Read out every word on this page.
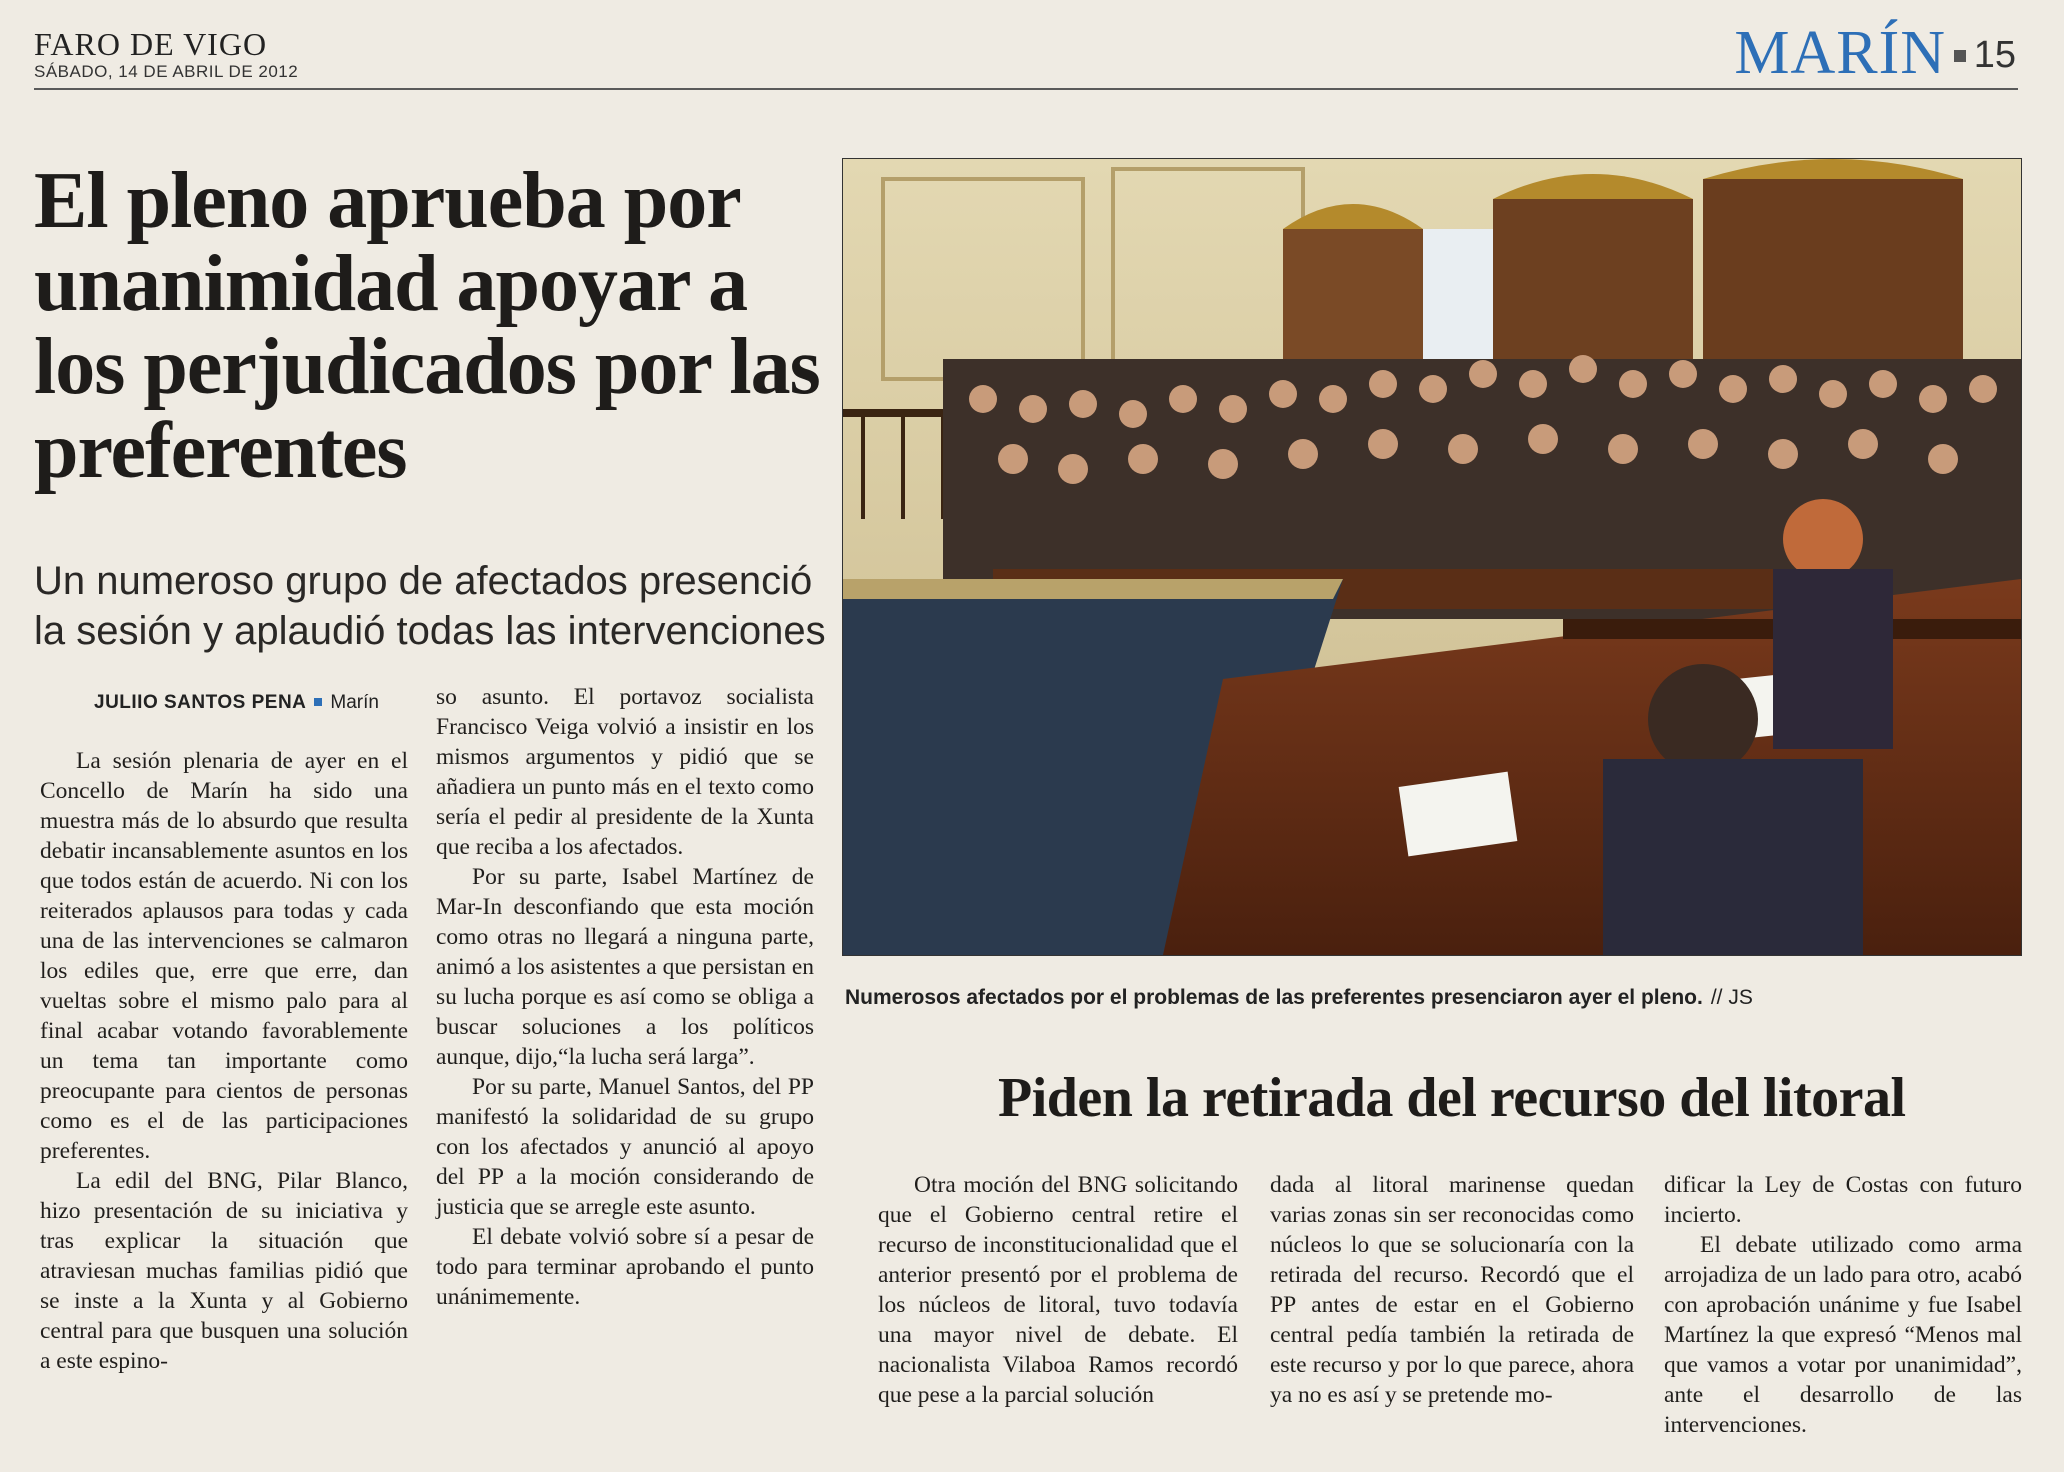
FARO DE VIGO
SÁBADO, 14 DE ABRIL DE 2012	MARÍN 15
El pleno aprueba por unanimidad apoyar a los perjudicados por las preferentes
Un numeroso grupo de afectados presenció la sesión y aplaudió todas las intervenciones
JULIIO SANTOS PENA Marín

La sesión plenaria de ayer en el Concello de Marín ha sido una muestra más de lo absurdo que resulta debatir incansablemente asuntos en los que todos están de acuerdo. Ni con los reiterados aplausos para todas y cada una de las intervenciones se calmaron los ediles que, erre que erre, dan vueltas sobre el mismo palo para al final acabar votando favorablemente un tema tan importante como preocupante para cientos de personas como es el de las participaciones preferentes.

La edil del BNG, Pilar Blanco, hizo presentación de su iniciativa y tras explicar la situación que atraviesan muchas familias pidió que se inste a la Xunta y al Gobierno central para que busquen una solución a este espino-

so asunto. El portavoz socialista Francisco Veiga volvió a insistir en los mismos argumentos y pidió que se añadiera un punto más en el texto como sería el pedir al presidente de la Xunta que reciba a los afectados.

Por su parte, Isabel Martínez de Mar-In desconfiando que esta moción como otras no llegará a ninguna parte, animó a los asistentes a que persistan en su lucha porque es así como se obliga a buscar soluciones a los políticos aunque, dijo,“la lucha será larga”.

Por su parte, Manuel Santos, del PP manifestó la solidaridad de su grupo con los afectados y anunció al apoyo del PP a la moción considerando de justicia que se arregle este asunto.

El debate volvió sobre sí a pesar de todo para terminar aprobando el punto unánimemente.

Numerosos afectados por el problemas de las preferentes presenciaron ayer el pleno. // JS
Piden la retirada del recurso del litoral

Otra moción del BNG solicitando que el Gobierno central retire el recurso de inconstitucionalidad que el anterior presentó por el problema de los núcleos de litoral, tuvo todavía una mayor nivel de debate. El nacionalista Vilaboa Ramos recordó que pese a la parcial solución

dada al litoral marinense quedan varias zonas sin ser reconocidas como núcleos lo que se solucionaría con la retirada del recurso. Recordó que el PP antes de estar en el Gobierno central pedía también la retirada de este recurso y por lo que parece, ahora ya no es así y se pretende mo-

dificar la Ley de Costas con futuro incierto.

El debate utilizado como arma arrojadiza de un lado para otro, acabó con aprobación unánime y fue Isabel Martínez la que expresó “Menos mal que vamos a votar por unanimidad”, ante el desarrollo de las intervenciones.
